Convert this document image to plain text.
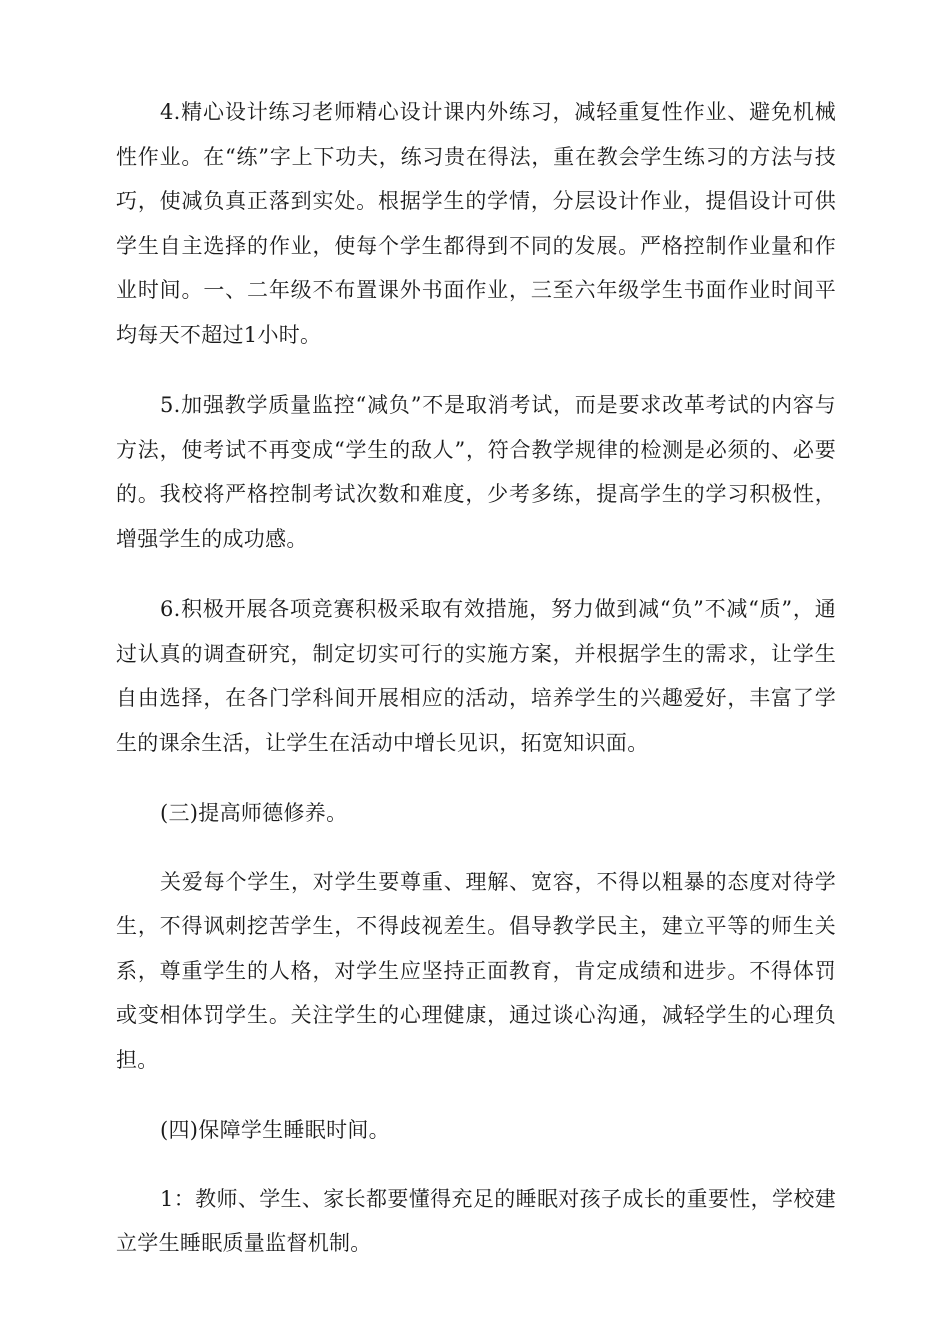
4.精心设计练习老师精心设计课内外练习，减轻重复性作业、避免机械性作业。在“练”字上下功夫，练习贵在得法，重在教会学生练习的方法与技巧，使减负真正落到实处。根据学生的学情，分层设计作业，提倡设计可供学生自主选择的作业，使每个学生都得到不同的发展。严格控制作业量和作业时间。一、二年级不布置课外书面作业，三至六年级学生书面作业时间平均每天不超过1小时。

5.加强教学质量监控“减负”不是取消考试，而是要求改革考试的内容与方法，使考试不再变成“学生的敌人”，符合教学规律的检测是必须的、必要的。我校将严格控制考试次数和难度，少考多练，提高学生的学习积极性，增强学生的成功感。

6.积极开展各项竞赛积极采取有效措施，努力做到减“负”不减“质”，通过认真的调查研究，制定切实可行的实施方案，并根据学生的需求，让学生自由选择，在各门学科间开展相应的活动，培养学生的兴趣爱好，丰富了学生的课余生活，让学生在活动中增长见识，拓宽知识面。

(三)提高师德修养。

关爱每个学生，对学生要尊重、理解、宽容，不得以粗暴的态度对待学生，不得讽刺挖苦学生，不得歧视差生。倡导教学民主，建立平等的师生关系，尊重学生的人格，对学生应坚持正面教育，肯定成绩和进步。不得体罚或变相体罚学生。关注学生的心理健康，通过谈心沟通，减轻学生的心理负担。

(四)保障学生睡眠时间。

1：教师、学生、家长都要懂得充足的睡眠对孩子成长的重要性，学校建立学生睡眠质量监督机制。
